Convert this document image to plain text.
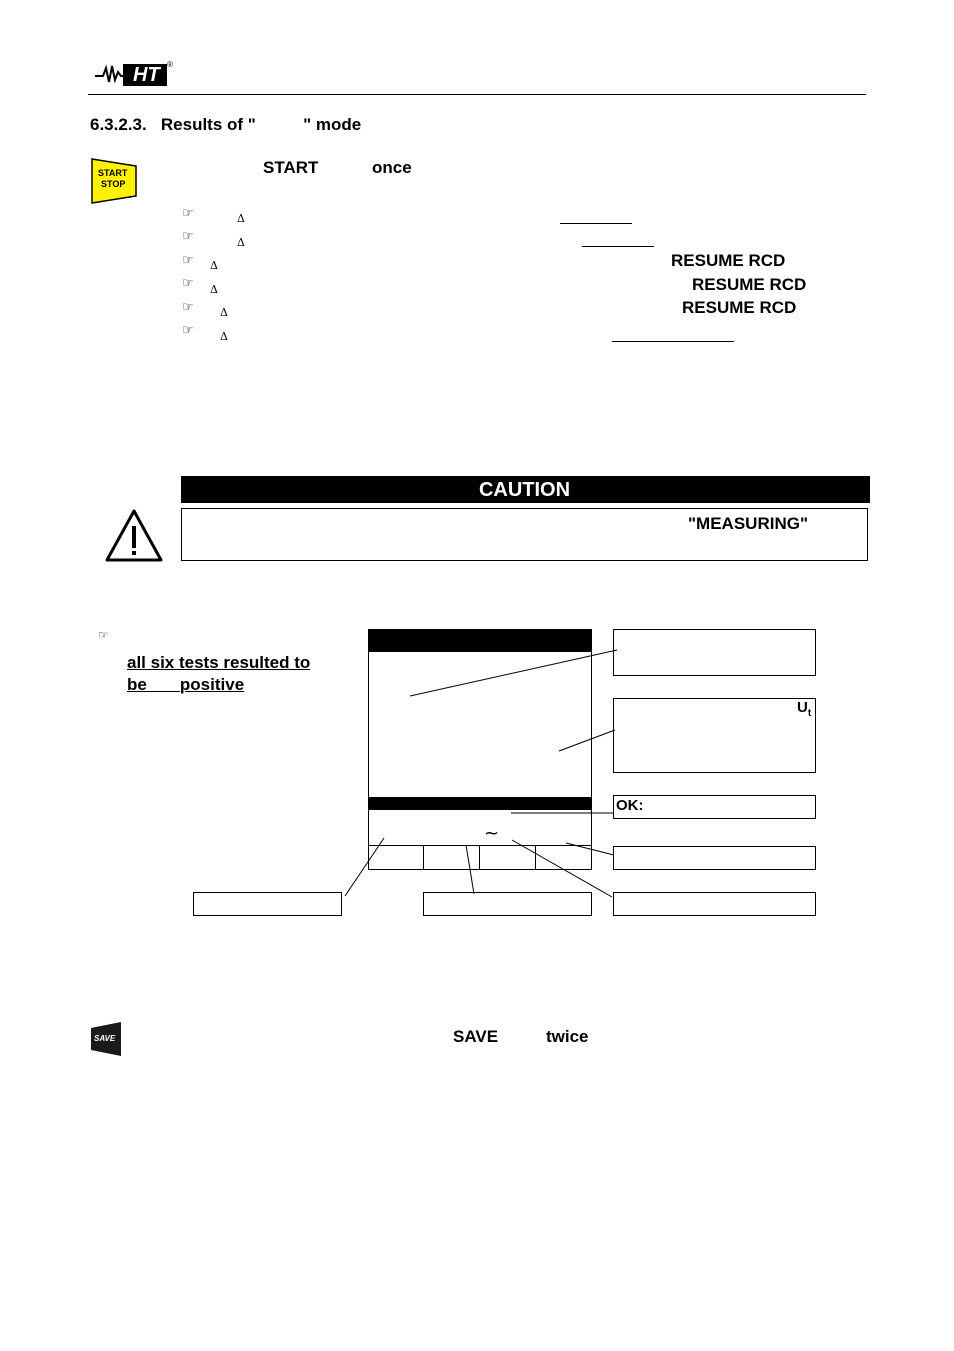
HT ®
6.3.2.3.   Results of "          " mode
START
STOP
START	once
☞	Δ
☞	Δ
☞ Δ	RESUME RCD
☞ Δ	RESUME RCD
☞ Δ	RESUME RCD
☞ Δ
CAUTION
"MEASURING"
☞
all six tests resulted to
be positive
~
$U_t$
OK:
SAVE	SAVE	twice
